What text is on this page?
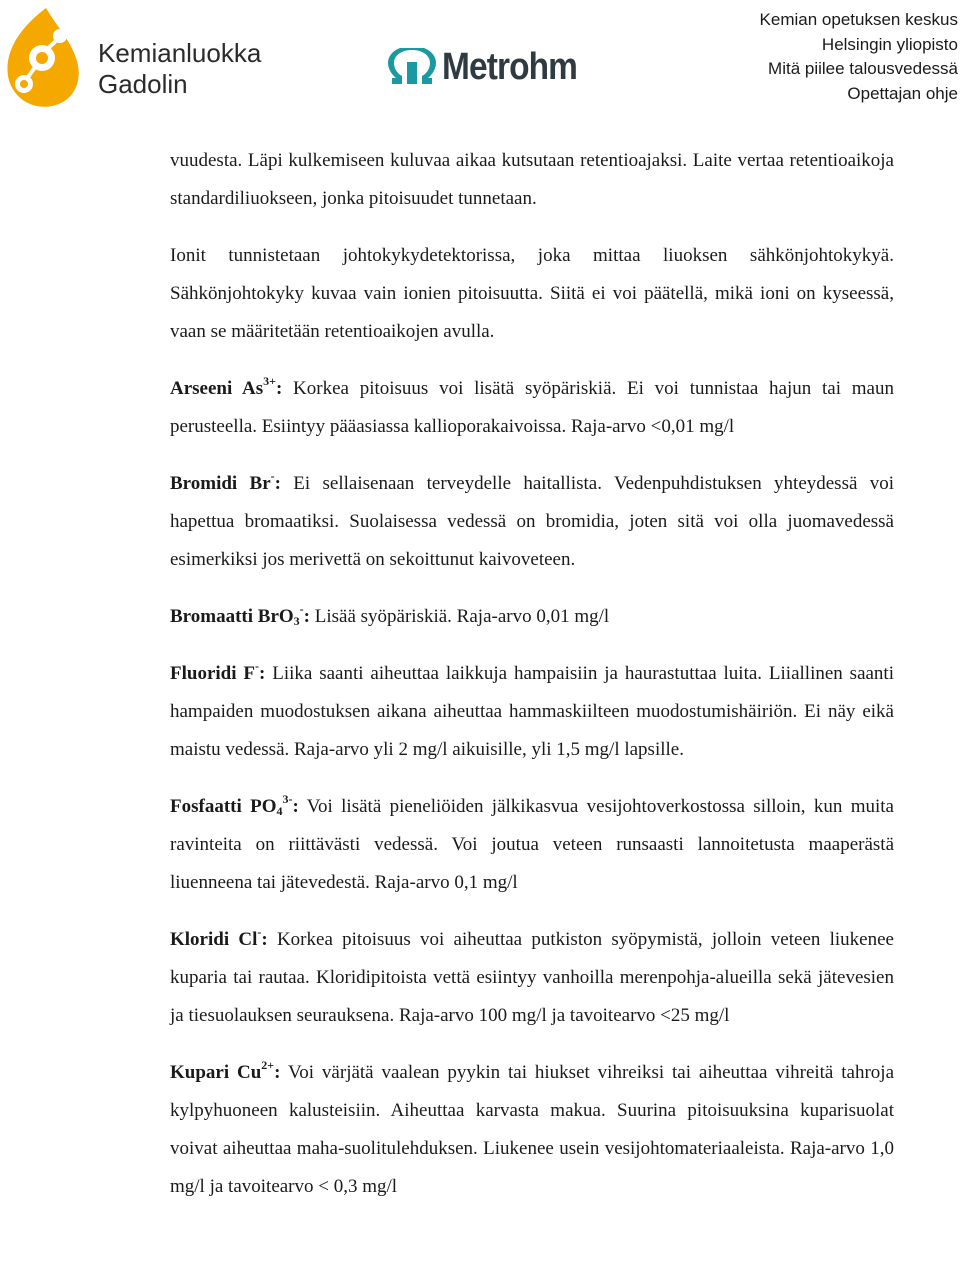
Kemianluokka
Gadolin	Metrohm
Kemian opetuksen keskus
Helsingin yliopisto
Mitä piilee talousvedessä
Opettajan ohje

vuudesta. Läpi kulkemiseen kuluvaa aikaa kutsutaan retentioajaksi. Laite vertaa retentioaikoja standardiliuokseen, jonka pitoisuudet tunnetaan.

Ionit tunnistetaan johtokykydetektorissa, joka mittaa liuoksen sähkönjohtokykyä. Sähkönjohtokyky kuvaa vain ionien pitoisuutta. Siitä ei voi päätellä, mikä ioni on kyseessä, vaan se määritetään retentioaikojen avulla.

Arseeni $As^{3+}$: Korkea pitoisuus voi lisätä syöpäriskiä. Ei voi tunnistaa hajun tai maun perusteella. Esiintyy pääasiassa kallioporakaivoissa. Raja-arvo <0,01 mg/l

Bromidi Br-: Ei sellaisenaan terveydelle haitallista. Vedenpuhdistuksen yhteydessä voi hapettua bromaatiksi. Suolaisessa vedessä on bromidia, joten sitä voi olla juomavedessä esimerkiksi jos merivettä on sekoittunut kaivoveteen.

Bromaatti BrO$_3$-: Lisää syöpäriskiä. Raja-arvo 0,01 mg/l

Fluoridi F-: Liika saanti aiheuttaa laikkuja hampaisiin ja haurastuttaa luita. Liiallinen saanti hampaiden muodostuksen aikana aiheuttaa hammaskiilteen muodostumishäiriön. Ei näy eikä maistu vedessä. Raja-arvo yli 2 mg/l aikuisille, yli 1,5 mg/l lapsille.

Fosfaatti $PO_4^{3-}$: Voi lisätä pieneliöiden jälkikasvua vesijohtoverkostossa silloin, kun muita ravinteita on riittävästi vedessä. Voi joutua veteen runsaasti lannoitetusta maaperästä liuenneena tai jätevedestä. Raja-arvo 0,1 mg/l

Kloridi Cl-: Korkea pitoisuus voi aiheuttaa putkiston syöpymistä, jolloin veteen liukenee kuparia tai rautaa. Kloridipitoista vettä esiintyy vanhoilla merenpohja-alueilla sekä jätevesien ja tiesuolauksen seurauksena. Raja-arvo 100 mg/l ja tavoitearvo <25 mg/l

Kupari $Cu^{2+}$: Voi värjätä vaalean pyykin tai hiukset vihreiksi tai aiheuttaa vihreitä tahroja kylpyhuoneen kalusteisiin. Aiheuttaa karvasta makua. Suurina pitoisuuksina kuparisuolat voivat aiheuttaa maha-suolitulehduksen. Liukenee usein vesijohtomateriaaleista. Raja-arvo 1,0 mg/l ja tavoitearvo < 0,3 mg/l
